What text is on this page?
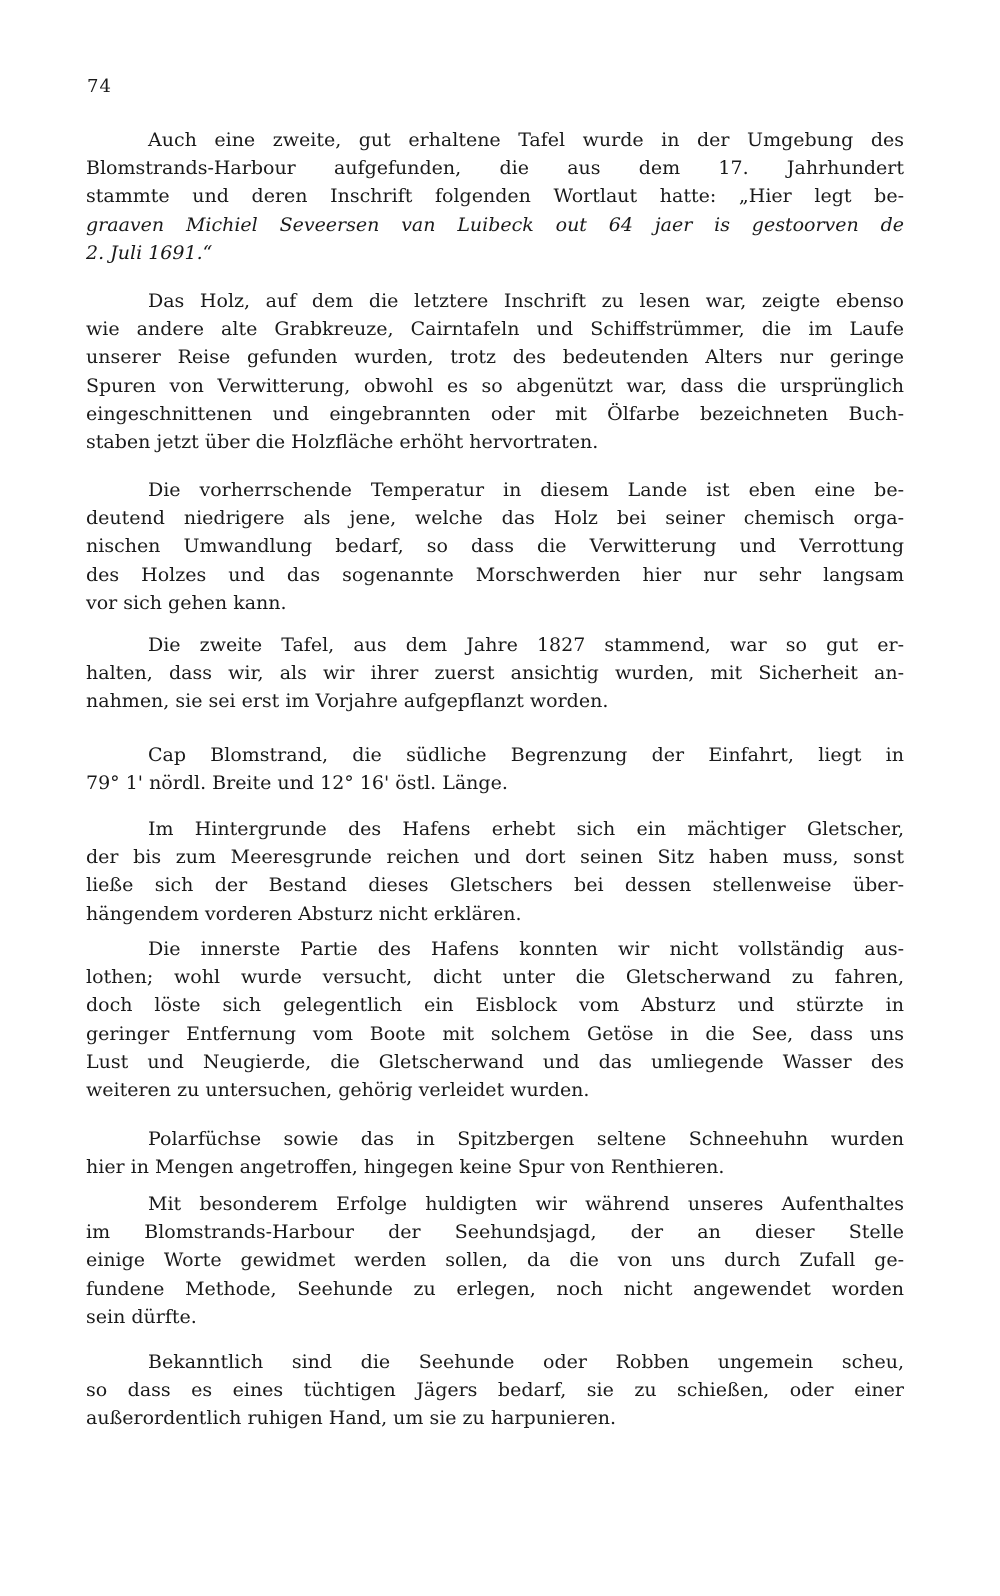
74
Auch eine zweite, gut erhaltene Tafel wurde in der Umgebung des
Blomstrands-Harbour aufgefunden, die aus dem 17. Jahrhundert
stammte und deren Inschrift folgenden Wortlaut hatte: „Hier legt be-
graaven Michiel Seveersen van Luibeck out 64 jaer is gestoorven de
2. Juli 1691.“
Das Holz, auf dem die letztere Inschrift zu lesen war, zeigte ebenso
wie andere alte Grabkreuze, Cairntafeln und Schiffstrümmer, die im Laufe
unserer Reise gefunden wurden, trotz des bedeutenden Alters nur geringe
Spuren von Verwitterung, obwohl es so abgenützt war, dass die ursprünglich
eingeschnittenen und eingebrannten oder mit Ölfarbe bezeichneten Buch-
staben jetzt über die Holzfläche erhöht hervortraten.
Die vorherrschende Temperatur in diesem Lande ist eben eine be-
deutend niedrigere als jene, welche das Holz bei seiner chemisch orga-
nischen Umwandlung bedarf, so dass die Verwitterung und Verrottung
des Holzes und das sogenannte Morschwerden hier nur sehr langsam
vor sich gehen kann.
Die zweite Tafel, aus dem Jahre 1827 stammend, war so gut er-
halten, dass wir, als wir ihrer zuerst ansichtig wurden, mit Sicherheit an-
nahmen, sie sei erst im Vorjahre aufgepflanzt worden.
Cap Blomstrand, die südliche Begrenzung der Einfahrt, liegt in
79° 1' nördl. Breite und 12° 16' östl. Länge.
Im Hintergrunde des Hafens erhebt sich ein mächtiger Gletscher,
der bis zum Meeresgrunde reichen und dort seinen Sitz haben muss, sonst
ließe sich der Bestand dieses Gletschers bei dessen stellenweise über-
hängendem vorderen Absturz nicht erklären.
Die innerste Partie des Hafens konnten wir nicht vollständig aus-
lothen; wohl wurde versucht, dicht unter die Gletscherwand zu fahren,
doch löste sich gelegentlich ein Eisblock vom Absturz und stürzte in
geringer Entfernung vom Boote mit solchem Getöse in die See, dass uns
Lust und Neugierde, die Gletscherwand und das umliegende Wasser des
weiteren zu untersuchen, gehörig verleidet wurden.
Polarfüchse sowie das in Spitzbergen seltene Schneehuhn wurden
hier in Mengen angetroffen, hingegen keine Spur von Renthieren.
Mit besonderem Erfolge huldigten wir während unseres Aufenthaltes
im Blomstrands-Harbour der Seehundsjagd, der an dieser Stelle
einige Worte gewidmet werden sollen, da die von uns durch Zufall ge-
fundene Methode, Seehunde zu erlegen, noch nicht angewendet worden
sein dürfte.
Bekanntlich sind die Seehunde oder Robben ungemein scheu,
so dass es eines tüchtigen Jägers bedarf, sie zu schießen, oder einer
außerordentlich ruhigen Hand, um sie zu harpunieren.
